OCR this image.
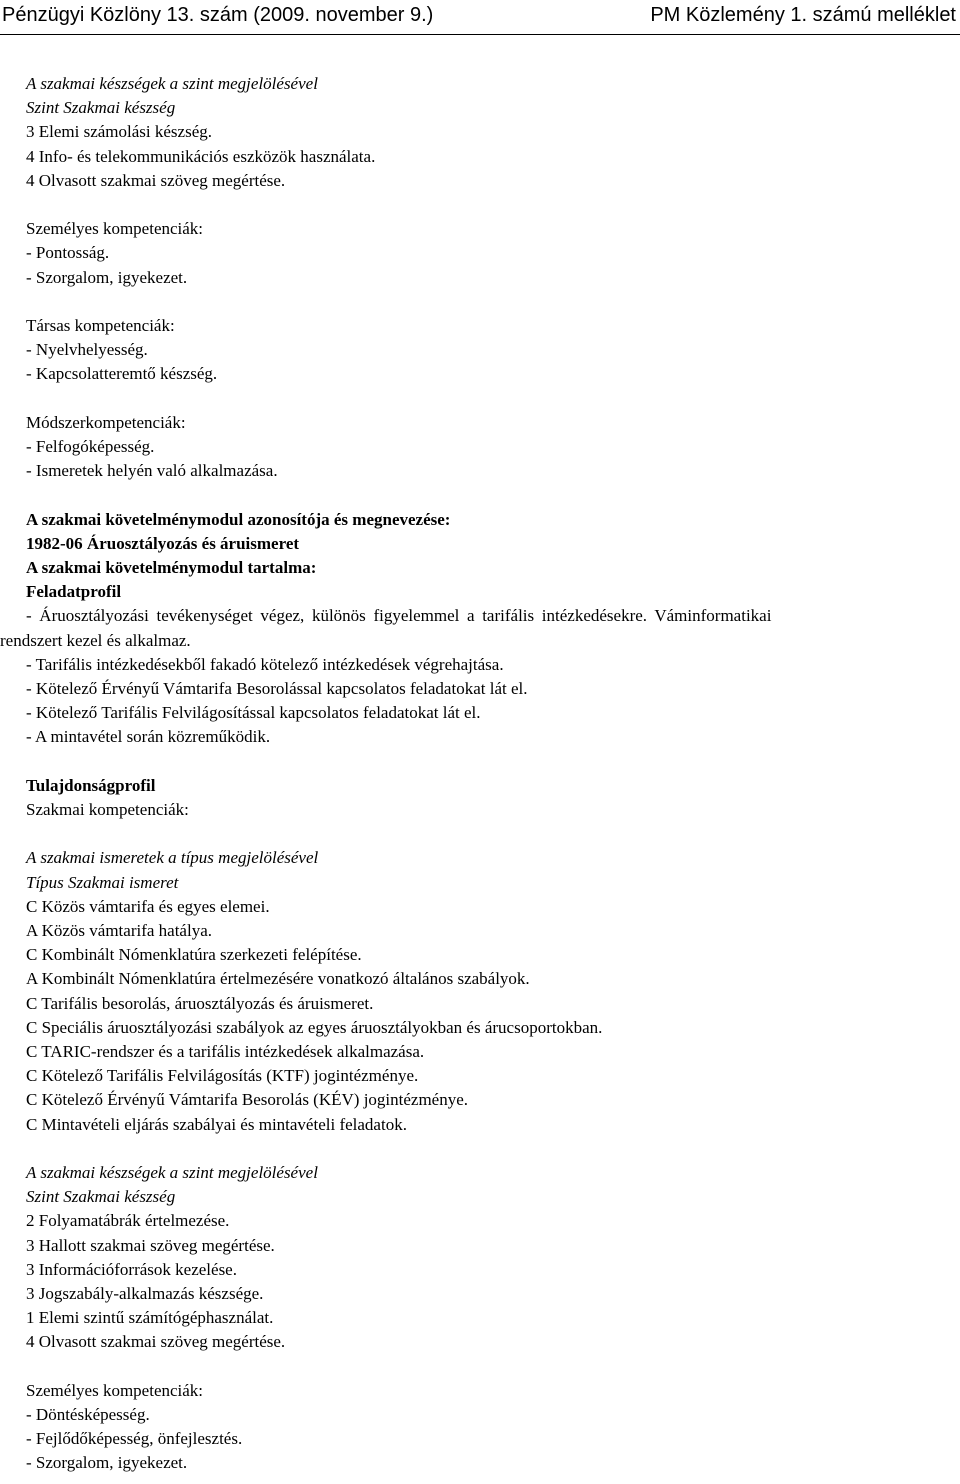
Pénzügyi Közlöny 13. szám (2009. november 9.)	PM Közlemény 1. számú melléklet
A szakmai készségek a szint megjelölésével
Szint Szakmai készség
3 Elemi számolási készség.
4 Info- és telekommunikációs eszközök használata.
4 Olvasott szakmai szöveg megértése.
Személyes kompetenciák:
- Pontosság.
- Szorgalom, igyekezet.
Társas kompetenciák:
- Nyelvhelyesség.
- Kapcsolatteremtő készség.
Módszerkompetenciák:
- Felfogóképesség.
- Ismeretek helyén való alkalmazása.
A szakmai követelménymodul azonosítója és megnevezése:
1982-06 Áruosztályozás és áruismeret
A szakmai követelménymodul tartalma:
Feladatprofil
- Áruosztályozási tevékenységet végez, különös figyelemmel a tarifális intézkedésekre. Váminformatikai
rendszert kezel és alkalmaz.
- Tarifális intézkedésekből fakadó kötelező intézkedések végrehajtása.
- Kötelező Érvényű Vámtarifa Besorolással kapcsolatos feladatokat lát el.
- Kötelező Tarifális Felvilágosítással kapcsolatos feladatokat lát el.
- A mintavétel során közreműködik.
Tulajdonságprofil
Szakmai kompetenciák:
A szakmai ismeretek a típus megjelölésével
Típus Szakmai ismeret
C Közös vámtarifa és egyes elemei.
A Közös vámtarifa hatálya.
C Kombinált Nómenklatúra szerkezeti felépítése.
A Kombinált Nómenklatúra értelmezésére vonatkozó általános szabályok.
C Tarifális besorolás, áruosztályozás és áruismeret.
C Speciális áruosztályozási szabályok az egyes áruosztályokban és árucsoportokban.
C TARIC-rendszer és a tarifális intézkedések alkalmazása.
C Kötelező Tarifális Felvilágosítás (KTF) jogintézménye.
C Kötelező Érvényű Vámtarifa Besorolás (KÉV) jogintézménye.
C Mintavételi eljárás szabályai és mintavételi feladatok.
A szakmai készségek a szint megjelölésével
Szint Szakmai készség
2 Folyamatábrák értelmezése.
3 Hallott szakmai szöveg megértése.
3 Információforrások kezelése.
3 Jogszabály-alkalmazás készsége.
1 Elemi szintű számítógéphasználat.
4 Olvasott szakmai szöveg megértése.
Személyes kompetenciák:
- Döntésképesség.
- Fejlődőképesség, önfejlesztés.
- Szorgalom, igyekezet.
